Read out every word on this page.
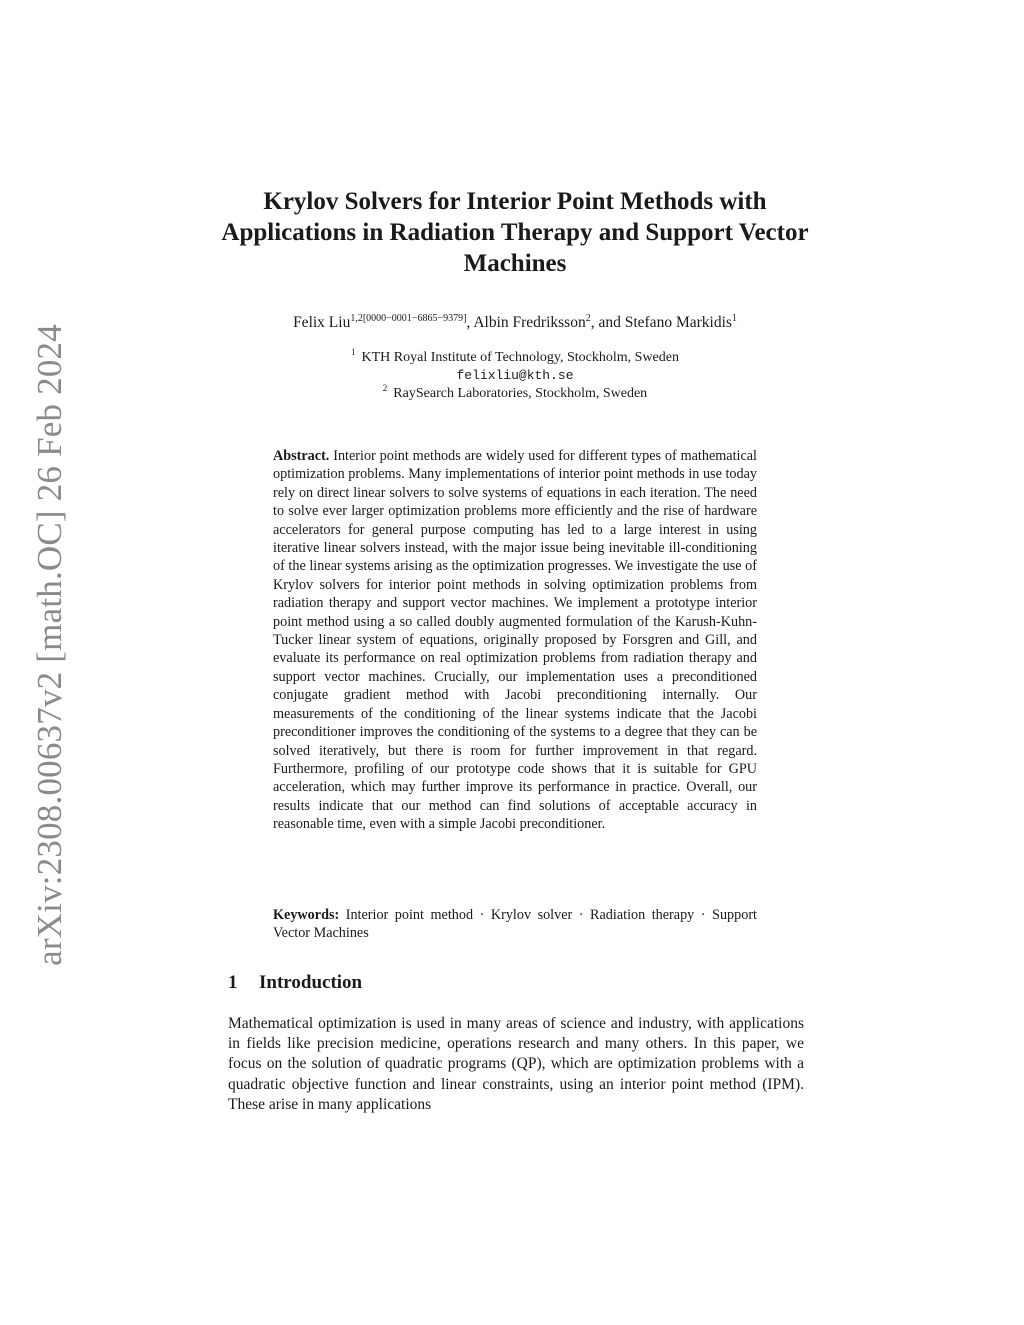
arXiv:2308.00637v2 [math.OC] 26 Feb 2024
Krylov Solvers for Interior Point Methods with Applications in Radiation Therapy and Support Vector Machines
Felix Liu$^{1,2[0000-0001-6865-9379]}$, Albin Fredriksson$^2$, and Stefano Markidis$^1$
$^1$ KTH Royal Institute of Technology, Stockholm, Sweden
felixliu@kth.se
$^2$ RaySearch Laboratories, Stockholm, Sweden
Abstract. Interior point methods are widely used for different types of mathematical optimization problems. Many implementations of interior point methods in use today rely on direct linear solvers to solve systems of equations in each iteration. The need to solve ever larger optimization problems more efficiently and the rise of hardware accelerators for general purpose computing has led to a large interest in using iterative linear solvers instead, with the major issue being inevitable ill-conditioning of the linear systems arising as the optimization progresses. We investigate the use of Krylov solvers for interior point methods in solving optimization problems from radiation therapy and support vector machines. We implement a prototype interior point method using a so called doubly augmented formulation of the Karush-Kuhn-Tucker linear system of equations, originally proposed by Forsgren and Gill, and evaluate its performance on real optimization problems from radiation therapy and support vector machines. Crucially, our implementation uses a preconditioned conjugate gradient method with Jacobi preconditioning internally. Our measurements of the conditioning of the linear systems indicate that the Jacobi preconditioner improves the conditioning of the systems to a degree that they can be solved iteratively, but there is room for further improvement in that regard. Furthermore, profiling of our prototype code shows that it is suitable for GPU acceleration, which may further improve its performance in practice. Overall, our results indicate that our method can find solutions of acceptable accuracy in reasonable time, even with a simple Jacobi preconditioner.
Keywords: Interior point method · Krylov solver · Radiation therapy · Support Vector Machines
1 Introduction
Mathematical optimization is used in many areas of science and industry, with applications in fields like precision medicine, operations research and many others. In this paper, we focus on the solution of quadratic programs (QP), which are optimization problems with a quadratic objective function and linear constraints, using an interior point method (IPM). These arise in many applications
